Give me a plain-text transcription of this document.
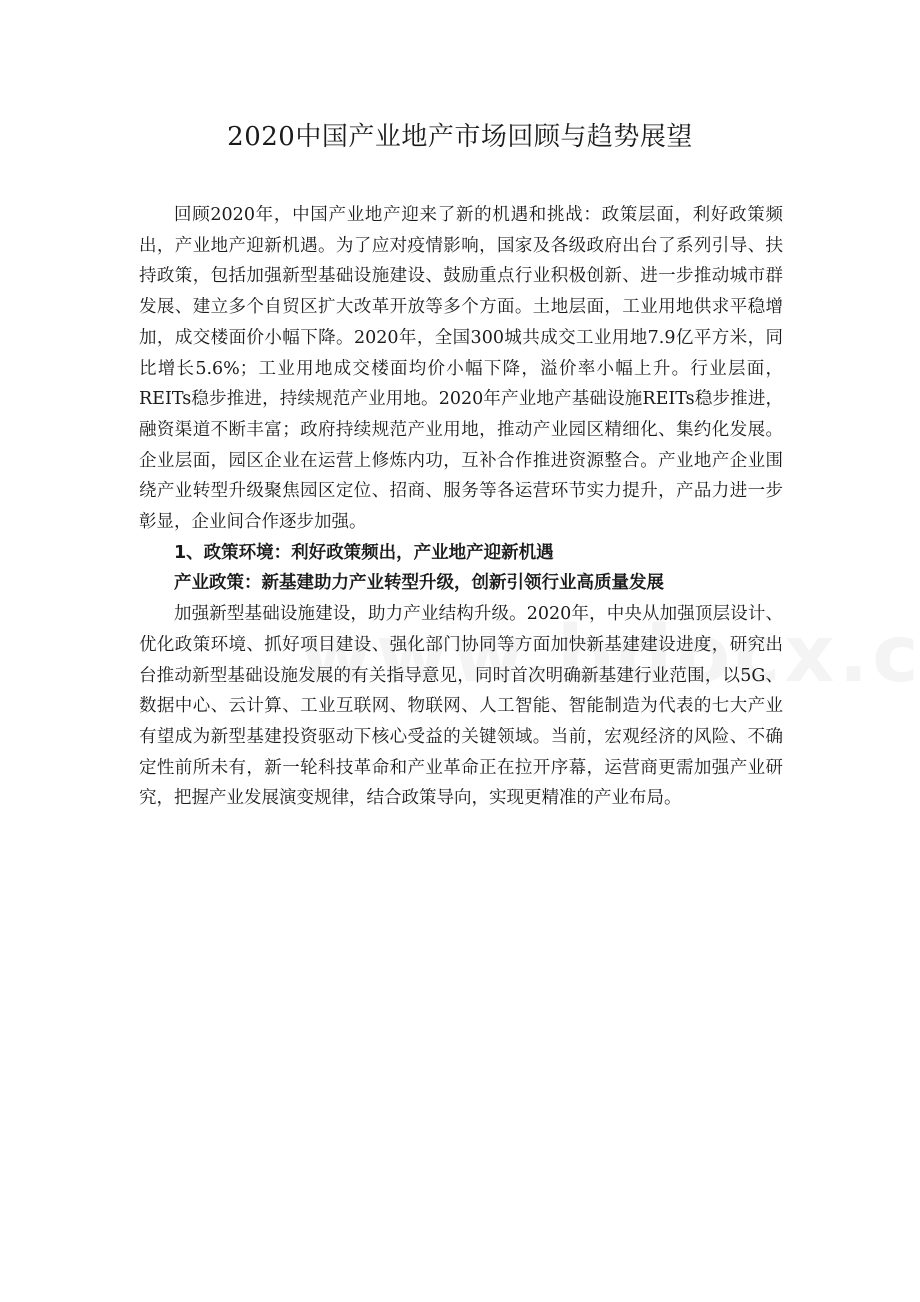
2020中国产业地产市场回顾与趋势展望

回顾2020年，中国产业地产迎来了新的机遇和挑战：政策层面，利好政策频出，产业地产迎新机遇。为了应对疫情影响，国家及各级政府出台了系列引导、扶持政策，包括加强新型基础设施建设、鼓励重点行业积极创新、进一步推动城市群发展、建立多个自贸区扩大改革开放等多个方面。土地层面，工业用地供求平稳增加，成交楼面价小幅下降。2020年，全国300城共成交工业用地7.9亿平方米，同比增长5.6%；工业用地成交楼面均价小幅下降，溢价率小幅上升。行业层面，REITs稳步推进，持续规范产业用地。2020年产业地产基础设施REITs稳步推进，融资渠道不断丰富；政府持续规范产业用地，推动产业园区精细化、集约化发展。企业层面，园区企业在运营上修炼内功，互补合作推进资源整合。产业地产企业围绕产业转型升级聚焦园区定位、招商、服务等各运营环节实力提升，产品力进一步彰显，企业间合作逐步加强。

1、政策环境：利好政策频出，产业地产迎新机遇

产业政策：新基建助力产业转型升级，创新引领行业高质量发展

加强新型基础设施建设，助力产业结构升级。2020年，中央从加强顶层设计、优化政策环境、抓好项目建设、强化部门协同等方面加快新基建建设进度，研究出台推动新型基础设施发展的有关指导意见，同时首次明确新基建行业范围，以5G、数据中心、云计算、工业互联网、物联网、人工智能、智能制造为代表的七大产业有望成为新型基建投资驱动下核心受益的关键领域。当前，宏观经济的风险、不确定性前所未有，新一轮科技革命和产业革命正在拉开序幕，运营商更需加强产业研究，把握产业发展演变规律，结合政策导向，实现更精准的产业布局。
